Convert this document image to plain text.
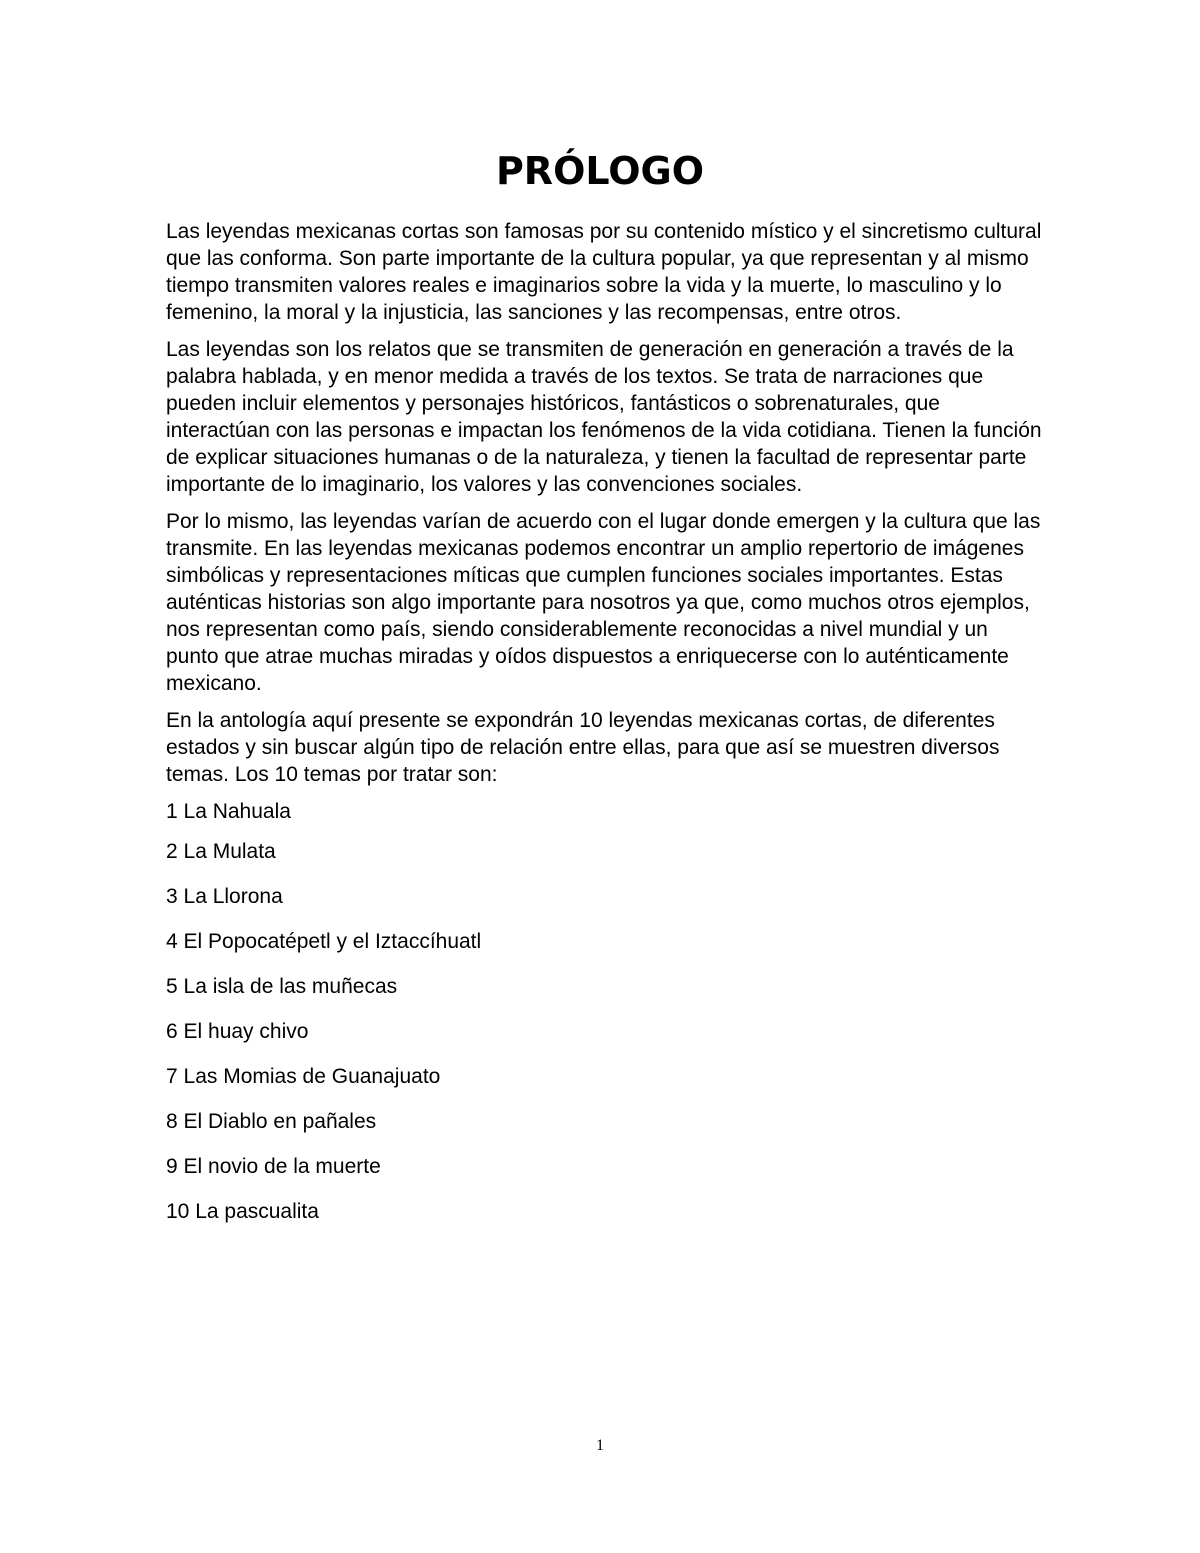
PRÓLOGO

Las leyendas mexicanas cortas son famosas por su contenido místico y el sincretismo cultural que las conforma. Son parte importante de la cultura popular, ya que representan y al mismo tiempo transmiten valores reales e imaginarios sobre la vida y la muerte, lo masculino y lo femenino, la moral y la injusticia, las sanciones y las recompensas, entre otros.

Las leyendas son los relatos que se transmiten de generación en generación a través de la palabra hablada, y en menor medida a través de los textos. Se trata de narraciones que pueden incluir elementos y personajes históricos, fantásticos o sobrenaturales, que interactúan con las personas e impactan los fenómenos de la vida cotidiana. Tienen la función de explicar situaciones humanas o de la naturaleza, y tienen la facultad de representar parte importante de lo imaginario, los valores y las convenciones sociales.

Por lo mismo, las leyendas varían de acuerdo con el lugar donde emergen y la cultura que las transmite. En las leyendas mexicanas podemos encontrar un amplio repertorio de imágenes simbólicas y representaciones míticas que cumplen funciones sociales importantes. Estas auténticas historias son algo importante para nosotros ya que, como muchos otros ejemplos, nos representan como país, siendo considerablemente reconocidas a nivel mundial y un punto que atrae muchas miradas y oídos dispuestos a enriquecerse con lo auténticamente mexicano.

En la antología aquí presente se expondrán 10 leyendas mexicanas cortas, de diferentes estados y sin buscar algún tipo de relación entre ellas, para que así se muestren diversos temas. Los 10 temas por tratar son:

1 La Nahuala
2 La Mulata
3 La Llorona
4 El Popocatépetl y el Iztaccíhuatl
5 La isla de las muñecas
6 El huay chivo
7 Las Momias de Guanajuato
8 El Diablo en pañales
9 El novio de la muerte
10 La pascualita
1
